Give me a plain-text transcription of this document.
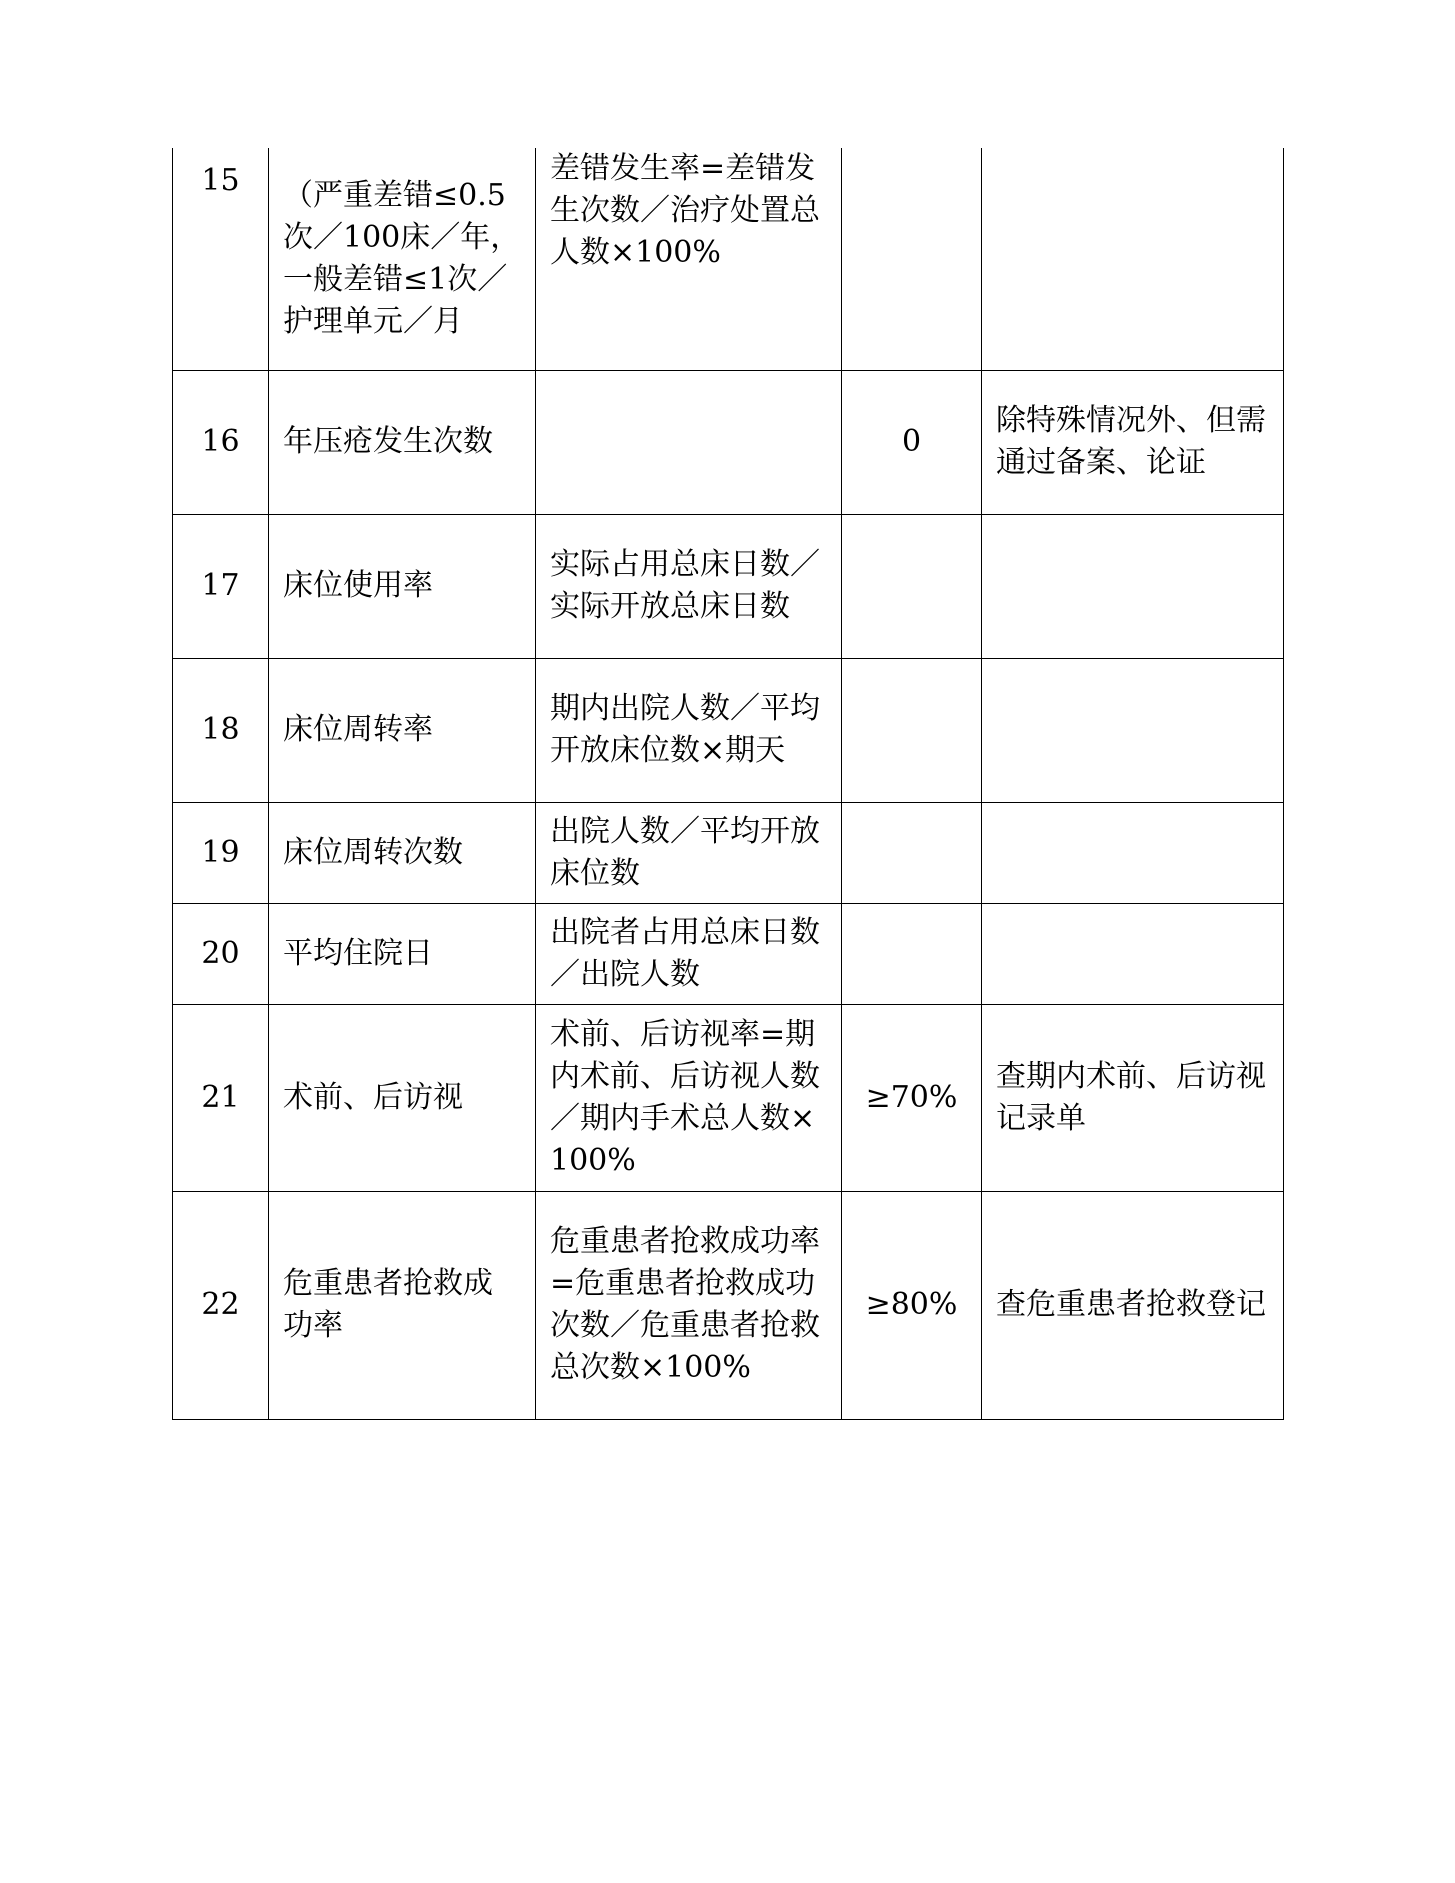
15	（严重差错≤0.5次／100床／年，一般差错≤1次／护理单元／月	差错发生率=差错发生次数／治疗处置总人数×100%		
16	年压疮发生次数		0	除特殊情况外、但需通过备案、论证
17	床位使用率	实际占用总床日数／实际开放总床日数		
18	床位周转率	期内出院人数／平均开放床位数×期天		
19	床位周转次数	出院人数／平均开放床位数		
20	平均住院日	出院者占用总床日数／出院人数		
21	术前、后访视	术前、后访视率=期内术前、后访视人数／期内手术总人数×100%	≥70%	查期内术前、后访视记录单
22	危重患者抢救成功率	危重患者抢救成功率=危重患者抢救成功次数／危重患者抢救总次数×100%	≥80%	查危重患者抢救登记
